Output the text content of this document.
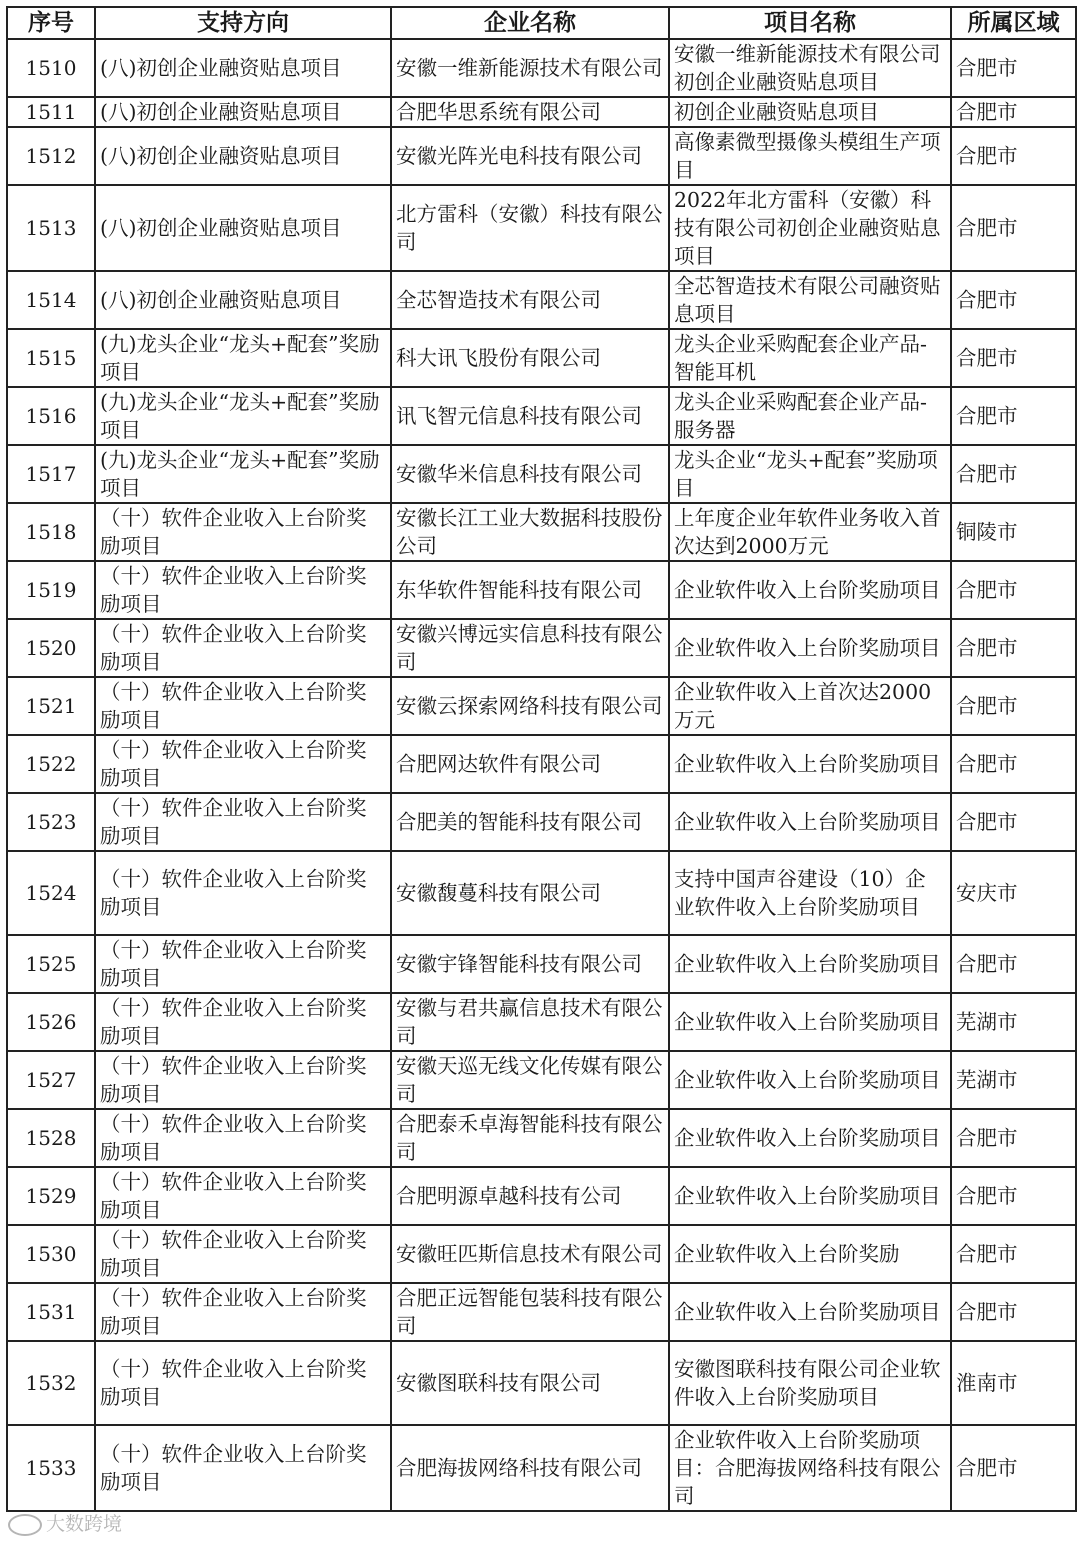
序号	支持方向	企业名称	项目名称	所属区域
1510	(八)初创企业融资贴息项目	安徽一维新能源技术有限公司	安徽一维新能源技术有限公司初创企业融资贴息项目	合肥市
1511	(八)初创企业融资贴息项目	合肥华思系统有限公司	初创企业融资贴息项目	合肥市
1512	(八)初创企业融资贴息项目	安徽光阵光电科技有限公司	高像素微型摄像头模组生产项目	合肥市
1513	(八)初创企业融资贴息项目	北方雷科（安徽）科技有限公司	2022年北方雷科（安徽）科技有限公司初创企业融资贴息项目	合肥市
1514	(八)初创企业融资贴息项目	全芯智造技术有限公司	全芯智造技术有限公司融资贴息项目	合肥市
1515	(九)龙头企业“龙头+配套”奖励项目	科大讯飞股份有限公司	龙头企业采购配套企业产品-智能耳机	合肥市
1516	(九)龙头企业“龙头+配套”奖励项目	讯飞智元信息科技有限公司	龙头企业采购配套企业产品-服务器	合肥市
1517	(九)龙头企业“龙头+配套”奖励项目	安徽华米信息科技有限公司	龙头企业“龙头+配套”奖励项目	合肥市
1518	（十）软件企业收入上台阶奖励项目	安徽长江工业大数据科技股份公司	上年度企业年软件业务收入首次达到2000万元	铜陵市
1519	（十）软件企业收入上台阶奖励项目	东华软件智能科技有限公司	企业软件收入上台阶奖励项目	合肥市
1520	（十）软件企业收入上台阶奖励项目	安徽兴博远实信息科技有限公司	企业软件收入上台阶奖励项目	合肥市
1521	（十）软件企业收入上台阶奖励项目	安徽云探索网络科技有限公司	企业软件收入上首次达2000万元	合肥市
1522	（十）软件企业收入上台阶奖励项目	合肥网达软件有限公司	企业软件收入上台阶奖励项目	合肥市
1523	（十）软件企业收入上台阶奖励项目	合肥美的智能科技有限公司	企业软件收入上台阶奖励项目	合肥市
1524	（十）软件企业收入上台阶奖励项目	安徽馥蔓科技有限公司	支持中国声谷建设（10）企业软件收入上台阶奖励项目	安庆市
1525	（十）软件企业收入上台阶奖励项目	安徽宇锋智能科技有限公司	企业软件收入上台阶奖励项目	合肥市
1526	（十）软件企业收入上台阶奖励项目	安徽与君共赢信息技术有限公司	企业软件收入上台阶奖励项目	芜湖市
1527	（十）软件企业收入上台阶奖励项目	安徽天巡无线文化传媒有限公司	企业软件收入上台阶奖励项目	芜湖市
1528	（十）软件企业收入上台阶奖励项目	合肥泰禾卓海智能科技有限公司	企业软件收入上台阶奖励项目	合肥市
1529	（十）软件企业收入上台阶奖励项目	合肥明源卓越科技有公司	企业软件收入上台阶奖励项目	合肥市
1530	（十）软件企业收入上台阶奖励项目	安徽旺匹斯信息技术有限公司	企业软件收入上台阶奖励	合肥市
1531	（十）软件企业收入上台阶奖励项目	合肥正远智能包装科技有限公司	企业软件收入上台阶奖励项目	合肥市
1532	（十）软件企业收入上台阶奖励项目	安徽图联科技有限公司	安徽图联科技有限公司企业软件收入上台阶奖励项目	淮南市
1533	（十）软件企业收入上台阶奖励项目	合肥海拔网络科技有限公司	企业软件收入上台阶奖励项目：合肥海拔网络科技有限公司	合肥市
大数跨境
